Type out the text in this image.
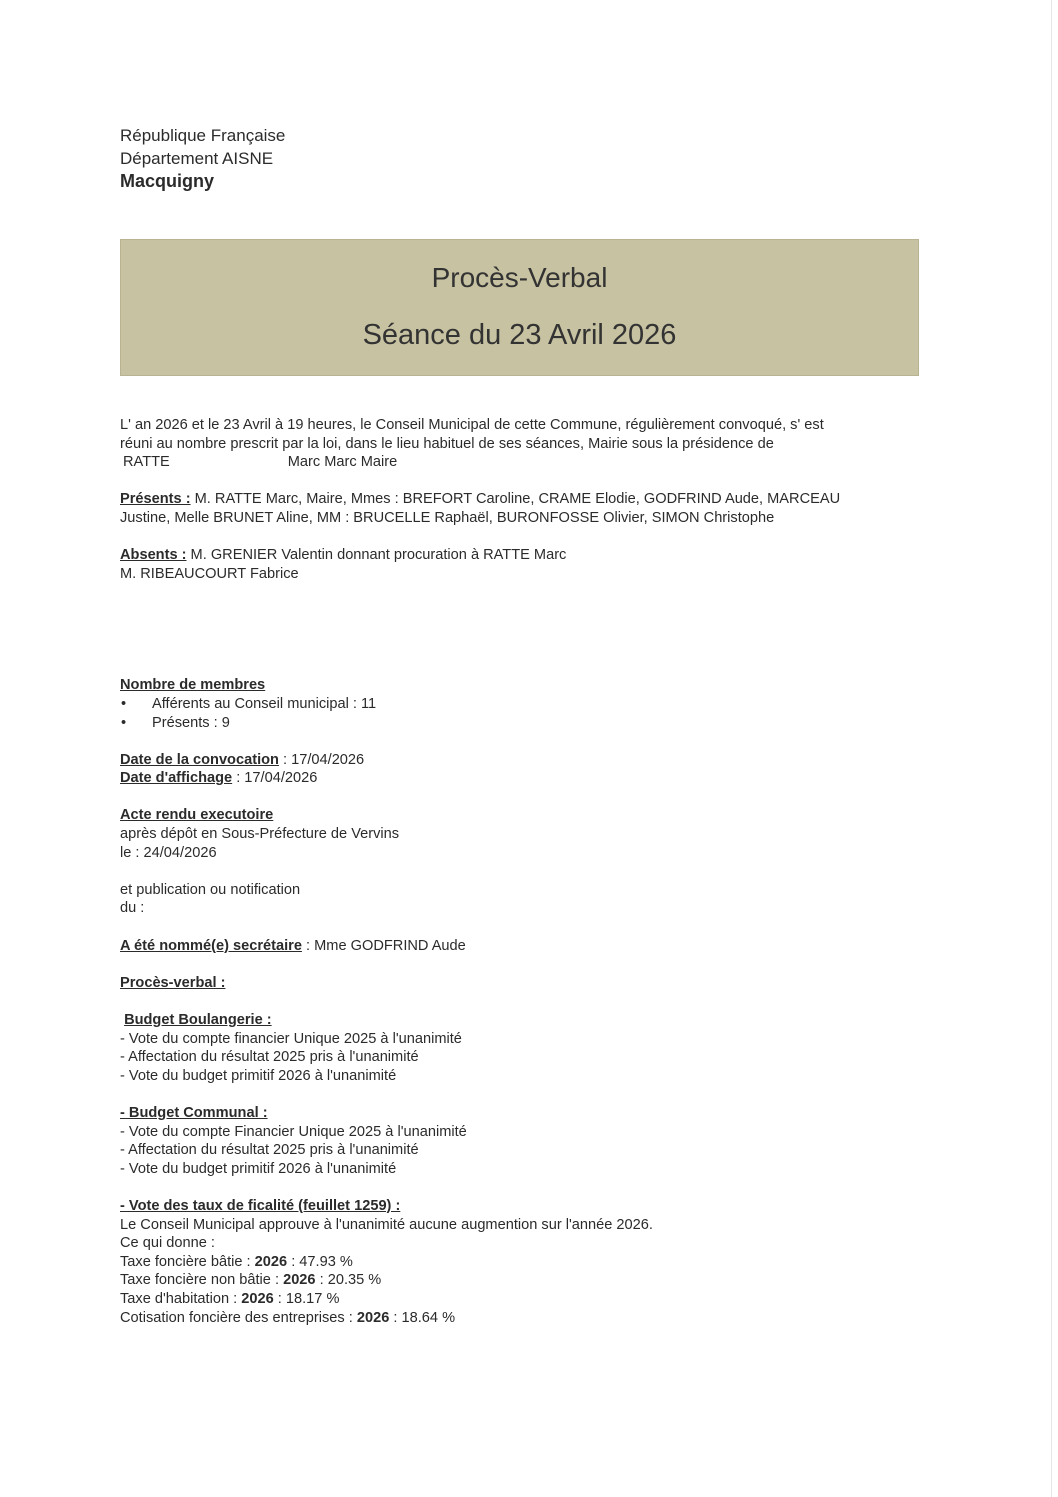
République Française
Département AISNE
Macquigny
Procès-Verbal
Séance du 23 Avril 2026

L' an 2026 et le 23 Avril à 19 heures, le Conseil Municipal de cette Commune, régulièrement convoqué, s' est

réuni au nombre prescrit par la loi, dans le lieu habituel de ses séances, Mairie sous la présidence de

RATTE	Marc Marc Maire

Présents : M. RATTE Marc, Maire, Mmes : BREFORT Caroline, CRAME Elodie, GODFRIND Aude, MARCEAU

Justine, Melle BRUNET Aline, MM : BRUCELLE Raphaël, BURONFOSSE Olivier, SIMON Christophe

Absents : M. GRENIER Valentin donnant procuration à RATTE Marc

M. RIBEAUCOURT Fabrice

Nombre de membres

• Afférents au Conseil municipal : 11

• Présents : 9

Date de la convocation : 17/04/2026

Date d'affichage : 17/04/2026

Acte rendu executoire

après dépôt en Sous-Préfecture de Vervins

le : 24/04/2026

et publication ou notification

du :

A été nommé(e) secrétaire : Mme GODFRIND Aude

Procès-verbal :

Budget Boulangerie :

- Vote du compte financier Unique 2025 à l'unanimité

- Affectation du résultat 2025 pris à l'unanimité

- Vote du budget primitif 2026 à l'unanimité

- Budget Communal :

- Vote du compte Financier Unique 2025 à l'unanimité

- Affectation du résultat 2025 pris à l'unanimité

- Vote du budget primitif 2026 à l'unanimité

- Vote des taux de ficalité (feuillet 1259) :

Le Conseil Municipal approuve à l'unanimité aucune augmention sur l'année 2026.

Ce qui donne :

Taxe foncière bâtie : 2026 : 47.93 %

Taxe foncière non bâtie : 2026 : 20.35 %

Taxe d'habitation : 2026 : 18.17 %

Cotisation foncière des entreprises : 2026 : 18.64 %
